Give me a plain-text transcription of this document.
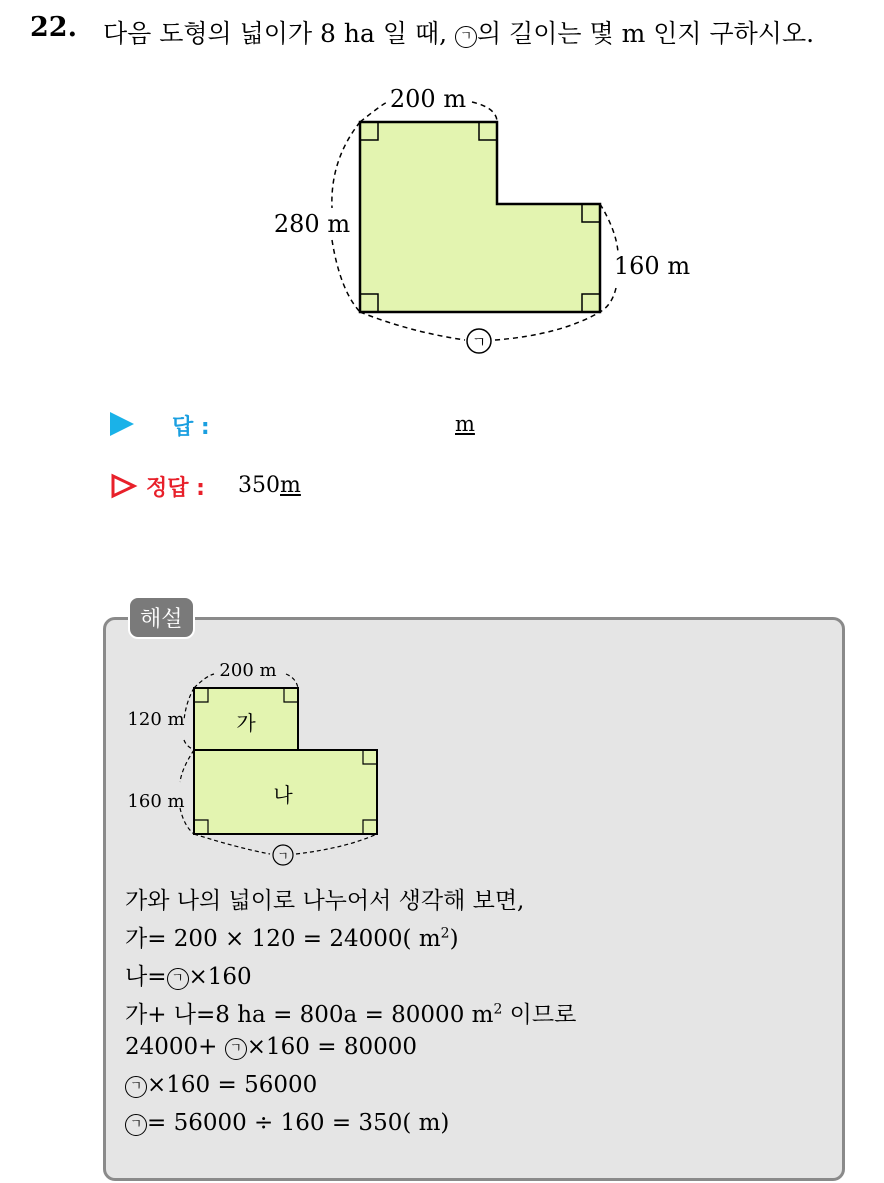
22. 다음 도형의 넓이가 8 ha 일 때, ㄱ 의 길이는 몇 m 인지 구하시오.
200 m
280 m
160 m
ㄱ
답 :	m
정답 : 350m
해설
200 m
120 m
160 m
가
나
ㄱ
가와 나의 넓이로 나누어서 생각해 보면,
가= 200 × 120 = 24000( $m^2$)
나= ㄱ ×160
가+ 나=8 ha = 800a = 80000 $m^2$ 이므로
24000+ ㄱ ×160 = 80000
ㄱ ×160 = 56000
ㄱ = 56000 ÷ 160 = 350( m)
